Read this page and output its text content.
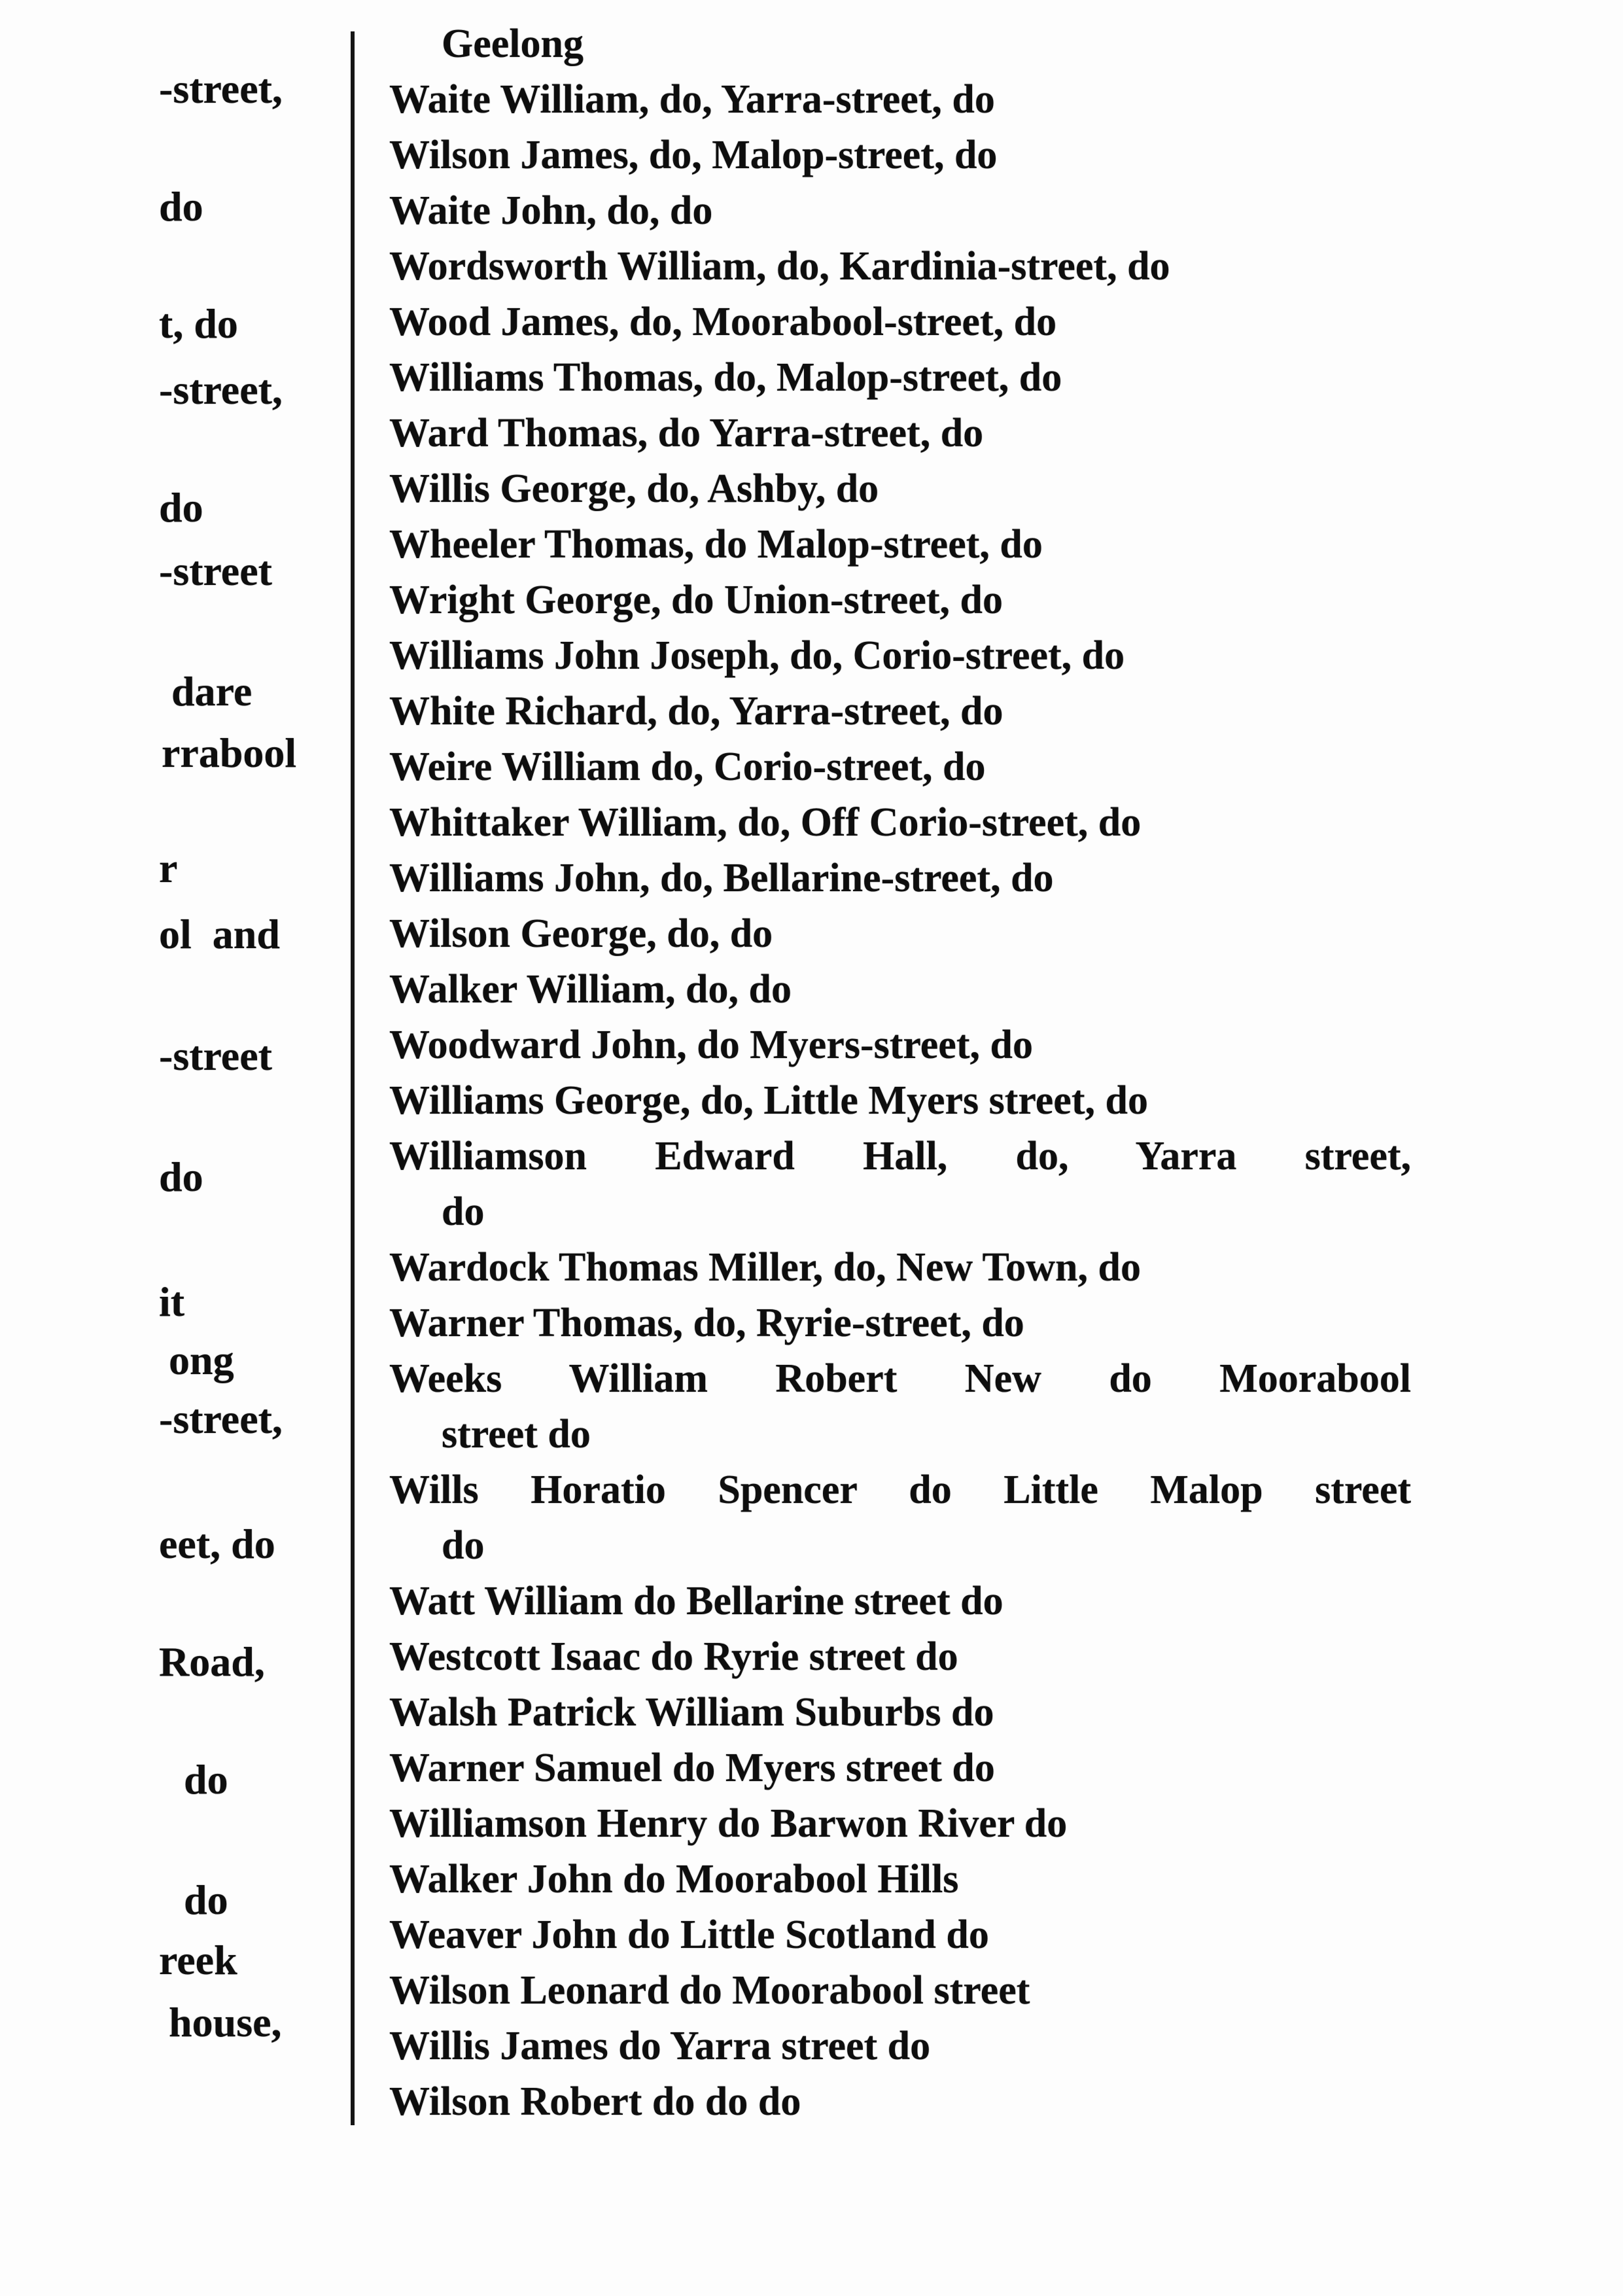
-street,
do
t, do
-street,
do
-street
dare
rrabool
r
ol  and
-street
do
it
ong
-street,
eet, do
Road,
do
do
reek
house,
Geelong
Waite William, do, Yarra-street, do
Wilson James, do, Malop-street, do
Waite John, do, do
Wordsworth William, do, Kardinia-street, do
Wood James, do, Moorabool-street, do
Williams Thomas, do, Malop-street, do
Ward Thomas, do Yarra-street, do
Willis George, do, Ashby, do
Wheeler Thomas, do Malop-street, do
Wright George, do Union-street, do
Williams John Joseph, do, Corio-street, do
White Richard, do, Yarra-street, do
Weire William do, Corio-street, do
Whittaker William, do, Off Corio-street, do
Williams John, do, Bellarine-street, do
Wilson George, do, do
Walker William, do, do
Woodward John, do Myers-street, do
Williams George, do, Little Myers street, do
Williamson Edward Hall, do, Yarra street,
do
Wardock Thomas Miller, do, New Town, do
Warner Thomas, do, Ryrie-street, do
Weeks William Robert New do Moorabool
street do
Wills Horatio Spencer do Little Malop street
do
Watt William do Bellarine street do
Westcott Isaac do Ryrie street do
Walsh Patrick William Suburbs do
Warner Samuel do Myers street do
Williamson Henry do Barwon River do
Walker John do Moorabool Hills
Weaver John do Little Scotland do
Wilson Leonard do Moorabool street
Willis James do Yarra street do
Wilson Robert do do do
